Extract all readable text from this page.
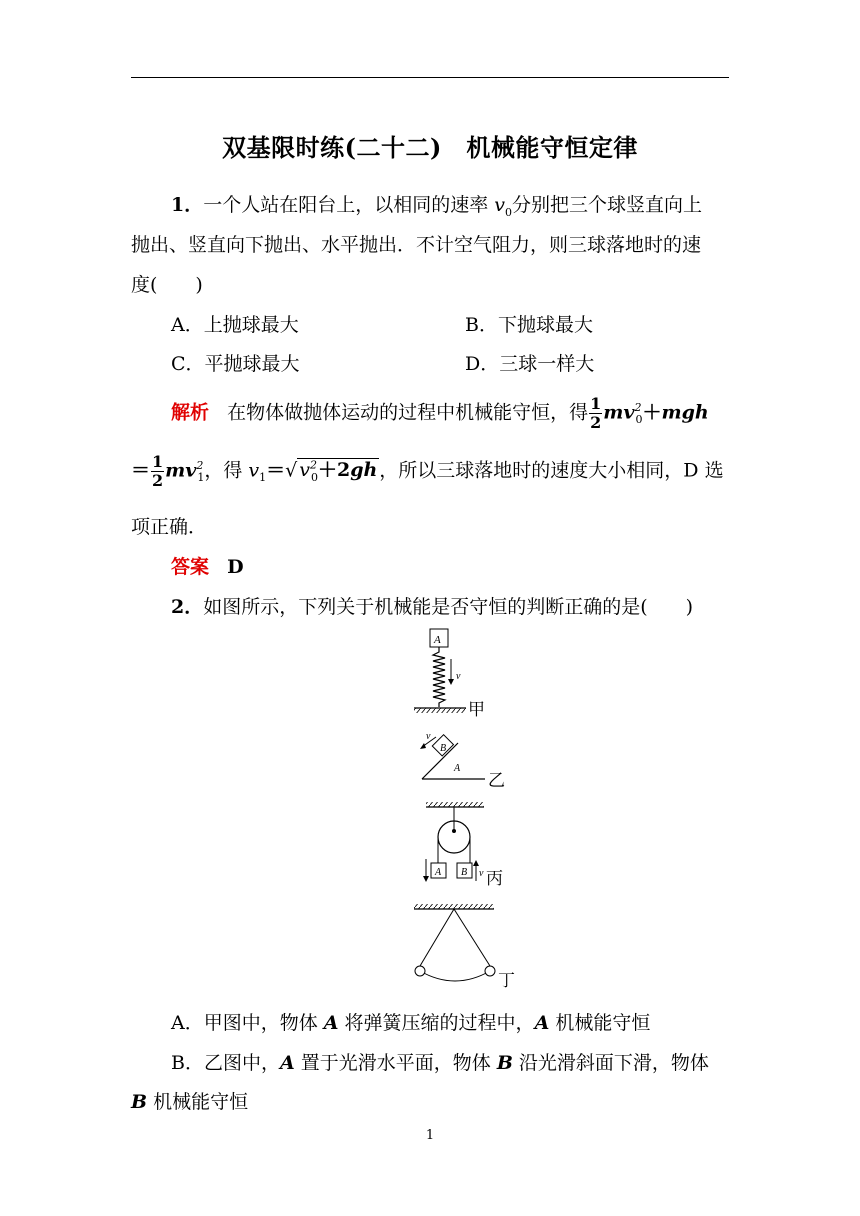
双基限时练(二十二)　机械能守恒定律
1．一个人站在阳台上，以相同的速率 $v_0$分别把三个球竖直向上
抛出、竖直向下抛出、水平抛出．不计空气阻力，则三球落地时的速
度(　　)
A．上抛球最大	B．下抛球最大
C．平抛球最大	D．三球一样大
解析 在物体做抛体运动的过程中机械能守恒，得 $\frac{1}{2} mv^2_0+mgh$
＝ $\frac{1}{2} mv^2_1$，得 $v_1=√$ $v^2_0+2gh$ ，所以三球落地时的速度大小相同，D 选
项正确．
答案 D
2．如图所示，下列关于机械能是否守恒的判断正确的是(　　)
A
v
A
B
v
A B v
甲
乙
丙
丁
A．甲图中，物体 A 将弹簧压缩的过程中，A 机械能守恒
B．乙图中，A 置于光滑水平面，物体 B 沿光滑斜面下滑，物体
B 机械能守恒
1
